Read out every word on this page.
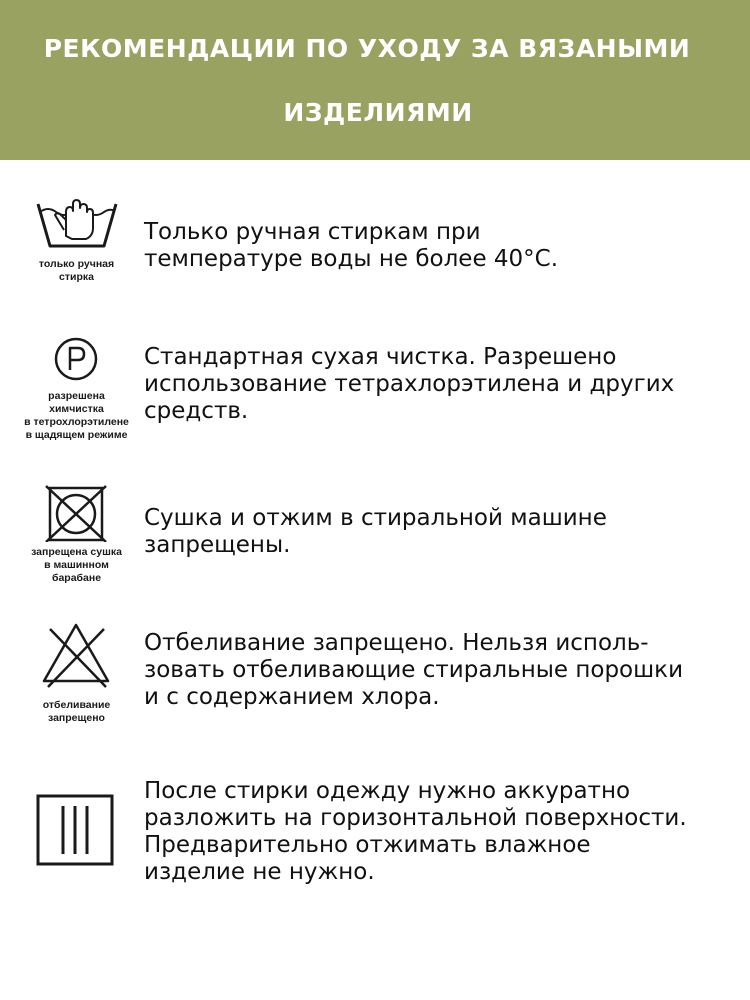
РЕКОМЕНДАЦИИ ПО УХОДУ ЗА ВЯЗАНЫМИ
ИЗДЕЛИЯМИ
только ручная
стирка
Только ручная стиркам при
температуре воды не более 40°С.
разрешена
химчистка
в тетрохлорэтилене
в щадящем режиме
Стандартная сухая чистка. Разрешено
использование тетрахлорэтилена и других
средств.
запрещена сушка
в машинном барабане
Сушка и отжим в стиральной машине
запрещены.
отбеливание
запрещено
Отбеливание запрещено. Нельзя исполь-
зовать отбеливающие стиральные порошки
и с содержанием хлора.
После стирки одежду нужно аккуратно
разложить на горизонтальной поверхности.
Предварительно отжимать влажное
изделие не нужно.
